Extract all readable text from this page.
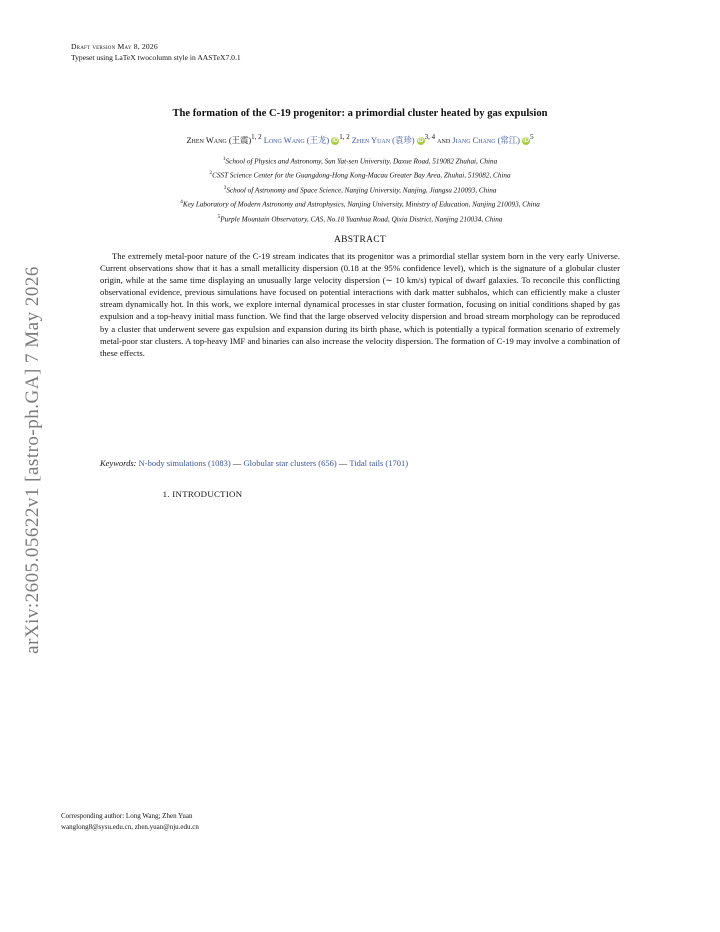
Draft version May 8, 2026
Typeset using LaTeX twocolumn style in AASTeX7.0.1
arXiv:2605.05622v1 [astro-ph.GA] 7 May 2026
The formation of the C-19 progenitor: a primordial cluster heated by gas expulsion
Zhen Wang (王震)$^{1, 2}$ Long Wang (王龙) iD$^{1, 2}$ Zhen Yuan (袁珍) iD$^{3, 4}$ and Jiang Chang (常江) $iD^5$
$^1$School of Physics and Astronomy, Sun Yat-sen University, Daxue Road, 519082 Zhuhai, China
$^2$CSST Science Center for the Guangdong-Hong Kong-Macau Greater Bay Area, Zhuhai, 519082, China
$^3$School of Astronomy and Space Science, Nanjing University, Nanjing, Jiangsu 210093, China
$^4$Key Laboratory of Modern Astronomy and Astrophysics, Nanjing University, Ministry of Education, Nanjing 210093, China
$^5$Purple Mountain Observatory, CAS, No.10 Yuanhua Road, Qixia District, Nanjing 210034, China
ABSTRACT
The extremely metal-poor nature of the C-19 stream indicates that its progenitor was a primordial stellar system born in the very early Universe. Current observations show that it has a small metallicity dispersion (0.18 at the 95% confidence level), which is the signature of a globular cluster origin, while at the same time displaying an unusually large velocity dispersion (∼ 10 km/s) typical of dwarf galaxies. To reconcile this conflicting observational evidence, previous simulations have focused on potential interactions with dark matter subhalos, which can efficiently make a cluster stream dynamically hot. In this work, we explore internal dynamical processes in star cluster formation, focusing on initial conditions shaped by gas expulsion and a top-heavy initial mass function. We find that the large observed velocity dispersion and broad stream morphology can be reproduced by a cluster that underwent severe gas expulsion and expansion during its birth phase, which is potentially a typical formation scenario of extremely metal-poor star clusters. A top-heavy IMF and binaries can also increase the velocity dispersion. The formation of C-19 may involve a combination of these effects.
Keywords: N-body simulations (1083) — Globular star clusters (656) — Tidal tails (1701)
1. INTRODUCTION

Corresponding author: Long Wang; Zhen Yuan
wanglong8@sysu.edu.cn, zhen.yuan@nju.edu.cn
